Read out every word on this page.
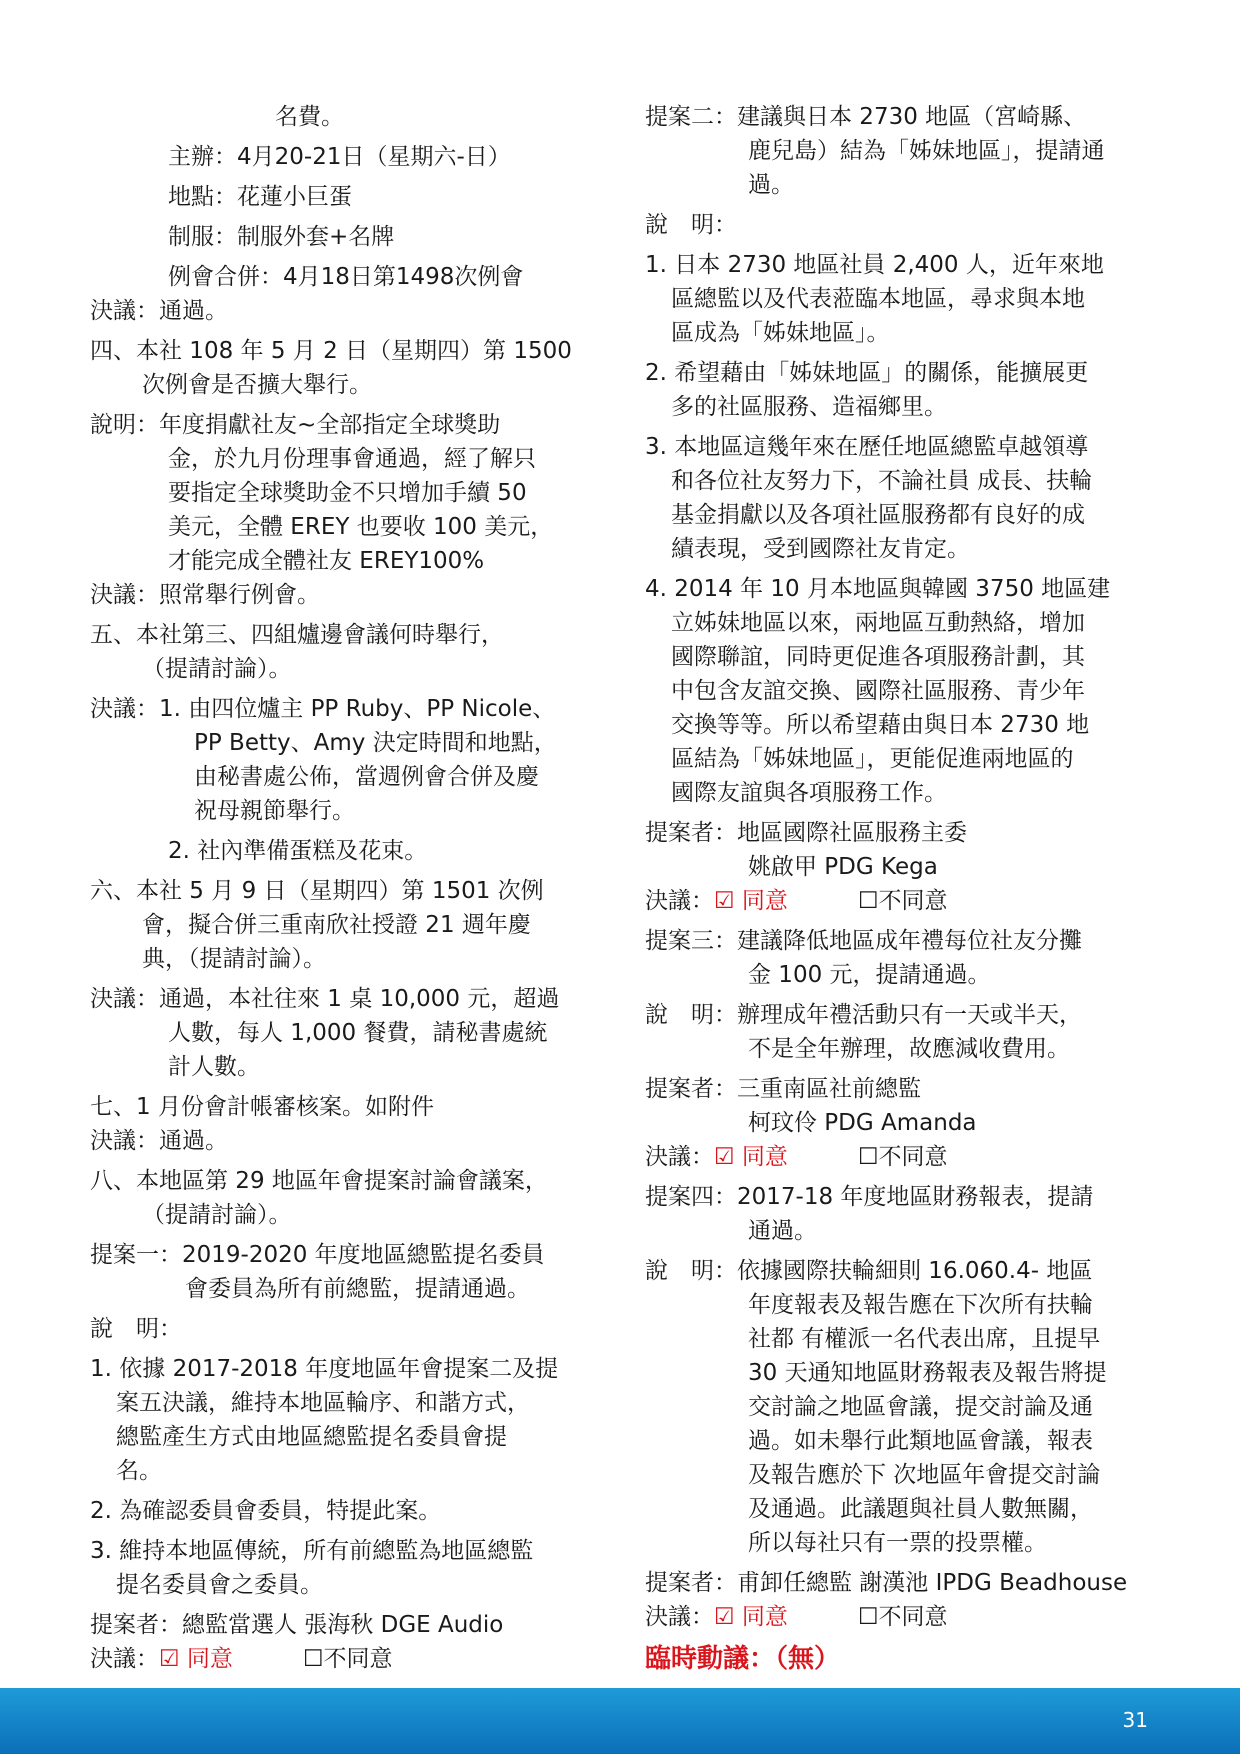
名費。
主辦：4月20-21日（星期六-日）
地點：花蓮小巨蛋
制服：制服外套+名牌
例會合併：4月18日第1498次例會
決議：通過。
四、本社 108 年 5 月 2 日（星期四）第 1500
次例會是否擴大舉行。
說明：年度捐獻社友~全部指定全球獎助
金，於九月份理事會通過，經了解只
要指定全球獎助金不只增加手續 50
美元，全體 EREY 也要收 100 美元，
才能完成全體社友 EREY100%
決議：照常舉行例會。
五、本社第三、四組爐邊會議何時舉行，
（提請討論）。
決議：1. 由四位爐主 PP Ruby、PP Nicole、
PP Betty、Amy 決定時間和地點，
由秘書處公佈，當週例會合併及慶
祝母親節舉行。
2. 社內準備蛋糕及花束。
六、本社 5 月 9 日（星期四）第 1501 次例
會，擬合併三重南欣社授證 21 週年慶
典，（提請討論）。
決議：通過，本社往來 1 桌 10,000 元，超過
人數，每人 1,000 餐費，請秘書處統
計人數。
七、1 月份會計帳審核案。如附件
決議：通過。
八、本地區第 29 地區年會提案討論會議案，
（提請討論）。
提案一：2019-2020 年度地區總監提名委員
會委員為所有前總監，提請通過。
說　明：
1. 依據 2017-2018 年度地區年會提案二及提
案五決議，維持本地區輪序、和諧方式，
總監產生方式由地區總監提名委員會提
名。
2. 為確認委員會委員，特提此案。
3. 維持本地區傳統，所有前總監為地區總監
提名委員會之委員。
提案者：總監當選人 張海秋 DGE Audio
決議：☑ 同意	☐不同意
提案二：建議與日本 2730 地區（宮崎縣、
鹿兒島）結為「姊妹地區」，提請通
過。
說　明：
1. 日本 2730 地區社員 2,400 人，近年來地
區總監以及代表蒞臨本地區，尋求與本地
區成為「姊妹地區」。
2. 希望藉由「姊妹地區」的關係，能擴展更
多的社區服務、造福鄉里。
3. 本地區這幾年來在歷任地區總監卓越領導
和各位社友努力下，不論社員 成長、扶輪
基金捐獻以及各項社區服務都有良好的成
績表現，受到國際社友肯定。
4. 2014 年 10 月本地區與韓國 3750 地區建
立姊妹地區以來，兩地區互動熱絡，增加
國際聯誼，同時更促進各項服務計劃，其
中包含友誼交換、國際社區服務、青少年
交換等等。所以希望藉由與日本 2730 地
區結為「姊妹地區」，更能促進兩地區的
國際友誼與各項服務工作。
提案者：地區國際社區服務主委
姚啟甲 PDG Kega
決議：☑ 同意	☐不同意
提案三：建議降低地區成年禮每位社友分攤
金 100 元，提請通過。
說　明：辦理成年禮活動只有一天或半天，
不是全年辦理，故應減收費用。
提案者：三重南區社前總監
柯玟伶 PDG Amanda
決議：☑ 同意	☐不同意
提案四：2017-18 年度地區財務報表，提請
通過。
說　明：依據國際扶輪細則 16.060.4- 地區
年度報表及報告應在下次所有扶輪
社都 有權派一名代表出席，且提早
30 天通知地區財務報表及報告將提
交討論之地區會議，提交討論及通
過。如未舉行此類地區會議，報表
及報告應於下 次地區年會提交討論
及通過。此議題與社員人數無關，
所以每社只有一票的投票權。
提案者：甫卸任總監 謝漢池 IPDG Beadhouse
決議：☑ 同意	☐不同意
臨時動議：（無）
31
